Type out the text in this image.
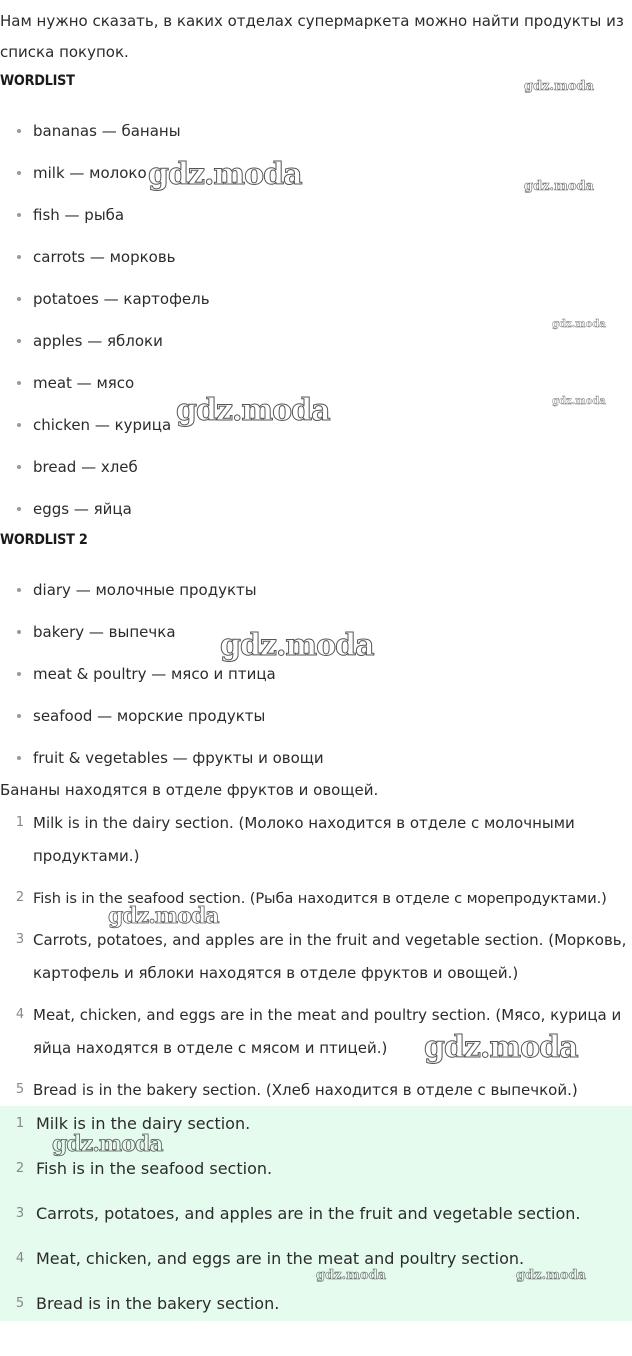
Нам нужно сказать, в каких отделах супермаркета можно найти продукты из списка покупок.

WORDLIST
bananas — бананы
milk — молоко
fish — рыба
carrots — морковь
potatoes — картофель
apples — яблоки
meat — мясо
chicken — курица
bread — хлеб
eggs — яйца
WORDLIST 2
diary — молочные продукты
bakery — выпечка
meat & poultry — мясо и птица
seafood — морские продукты
fruit & vegetables — фрукты и овощи

Бананы находятся в отделе фруктов и овощей.

1 Milk is in the dairy section. (Молоко находится в отделе с молочными продуктами.)
2 Fish is in the seafood section. (Рыба находится в отделе с морепродуктами.)
3 Carrots, potatoes, and apples are in the fruit and vegetable section. (Морковь, картофель и яблоки находятся в отделе фруктов и овощей.)
4 Meat, chicken, and eggs are in the meat and poultry section. (Мясо, курица и яйца находятся в отделе с мясом и птицей.)
5 Bread is in the bakery section. (Хлеб находится в отделе с выпечкой.)
1 Milk is in the dairy section.
2 Fish is in the seafood section.
3 Carrots, potatoes, and apples are in the fruit and vegetable section.
4 Meat, chicken, and eggs are in the meat and poultry section.
5 Bread is in the bakery section.
gdz.moda
gdz.moda	gdz.moda
gdz.moda
gdz.moda	gdz.moda
gdz.moda
gdz.moda
gdz.moda
